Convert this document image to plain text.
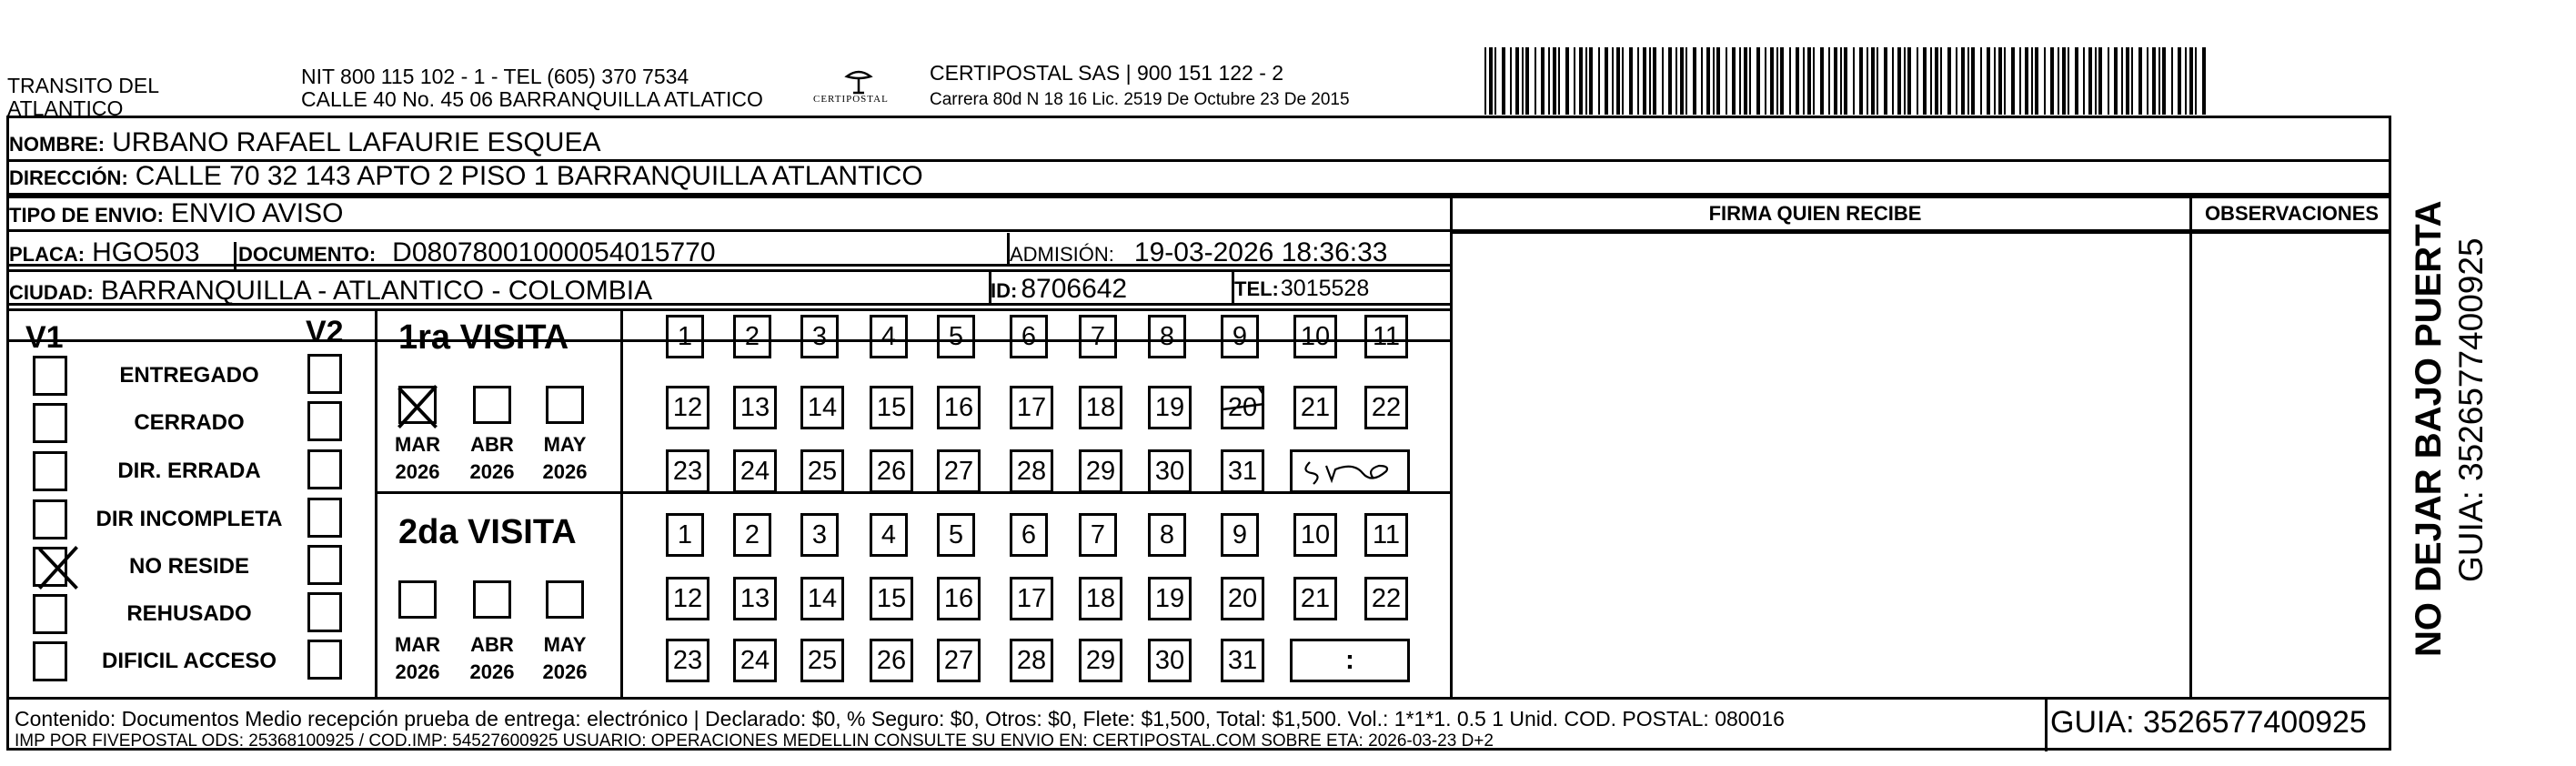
TRANSITO DEL
ATLANTICO
NIT 800 115 102 - 1 - TEL (605) 370 7534
CALLE 40 No. 45 06 BARRANQUILLA ATLATICO	CERTIPOSTAL
CERTIPOSTAL SAS | 900 151 122 - 2
Carrera 80d N 18 16 Lic. 2519 De Octubre 23 De 2015
NOMBRE: URBANO RAFAEL LAFAURIE ESQUEA
DIRECCIÓN: CALLE 70 32 143 APTO 2 PISO 1 BARRANQUILLA ATLANTICO
TIPO DE ENVIO: ENVIO AVISO
PLACA: HGO503 DOCUMENTO: D08078001000054015770	ADMISIÓN: 19-03-2026 18:36:33
CIUDAD: BARRANQUILLA - ATLANTICO - COLOMBIA	ID: 8706642	TEL: 3015528
FIRMA QUIEN RECIBE	OBSERVACIONES
V1	V2
ENTREGADO
CERRADO
DIR. ERRADA
DIR INCOMPLETA
NO RESIDE
REHUSADO
DIFICIL ACCESO
1ra VISITA
2da VISITA
MAR
2026
ABR
2026
MAY
2026
MAR
2026
ABR
2026
MAY
2026
1	2	3	4	5	6	7	8	9	10	11
12 13 14 15 16 17 18 19 20 21 22
23 24 25 26 27 28 29 30 31
1	2	3	4	5	6	7	8	9	10	11
12 13 14 15 16 17 18 19 20 21 22
23 24 25 26 27 28 29 30 31	:
Contenido: Documentos Medio recepción prueba de entrega: electrónico | Declarado: $0, % Seguro: $0, Otros: $0, Flete: $1,500, Total: $1,500. Vol.: 1*1*1. 0.5 1 Unid. COD. POSTAL: 080016
IMP POR FIVEPOSTAL ODS: 25368100925 / COD.IMP: 54527600925 USUARIO: OPERACIONES MEDELLIN CONSULTE SU ENVIO EN: CERTIPOSTAL.COM SOBRE ETA: 2026-03-23 D+2
GUIA: 3526577400925
NO DEJAR BAJO PUERTA GUIA: 3526577400925
